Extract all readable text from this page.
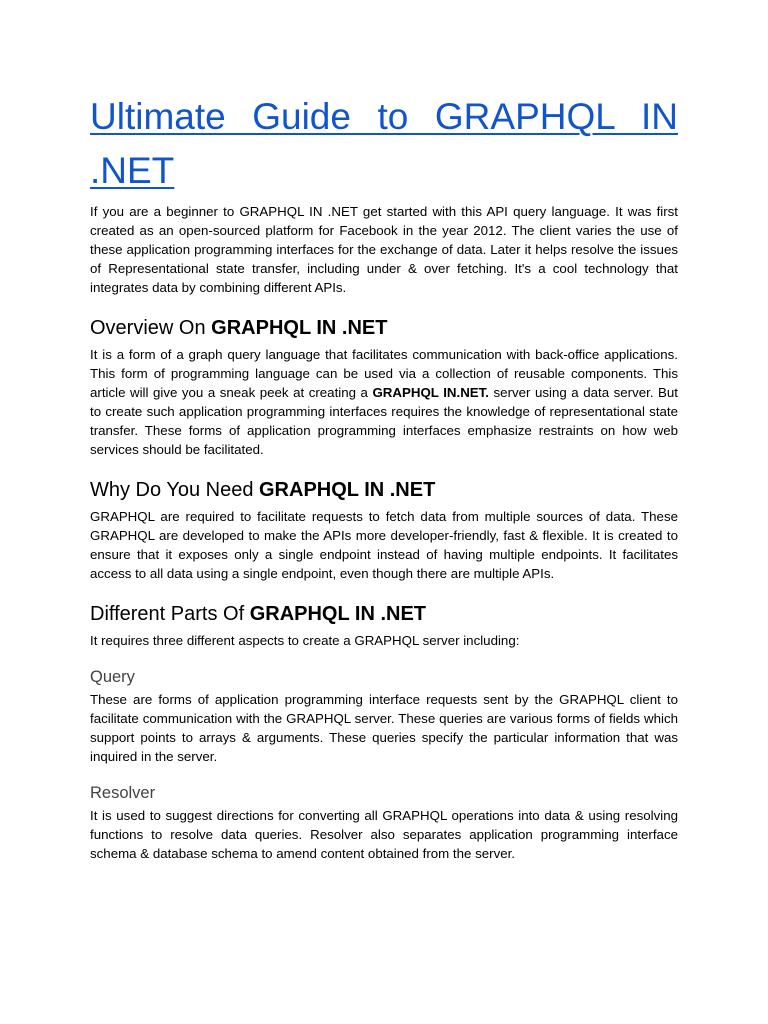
Ultimate Guide to GRAPHQL IN .NET

If you are a beginner to GRAPHQL IN .NET get started with this API query language. It was first created as an open-sourced platform for Facebook in the year 2012. The client varies the use of these application programming interfaces for the exchange of data. Later it helps resolve the issues of Representational state transfer, including under & over fetching. It's a cool technology that integrates data by combining different APIs.

Overview On GRAPHQL IN .NET

It is a form of a graph query language that facilitates communication with back-office applications. This form of programming language can be used via a collection of reusable components. This article will give you a sneak peek at creating a GRAPHQL IN.NET. server using a data server. But to create such application programming interfaces requires the knowledge of representational state transfer. These forms of application programming interfaces emphasize restraints on how web services should be facilitated.

Why Do You Need GRAPHQL IN .NET

GRAPHQL are required to facilitate requests to fetch data from multiple sources of data. These GRAPHQL are developed to make the APIs more developer-friendly, fast & flexible. It is created to ensure that it exposes only a single endpoint instead of having multiple endpoints. It facilitates access to all data using a single endpoint, even though there are multiple APIs.

Different Parts Of GRAPHQL IN .NET

It requires three different aspects to create a GRAPHQL server including:

Query

These are forms of application programming interface requests sent by the GRAPHQL client to facilitate communication with the GRAPHQL server. These queries are various forms of fields which support points to arrays & arguments. These queries specify the particular information that was inquired in the server.

Resolver

It is used to suggest directions for converting all GRAPHQL operations into data & using resolving functions to resolve data queries. Resolver also separates application programming interface schema & database schema to amend content obtained from the server.
